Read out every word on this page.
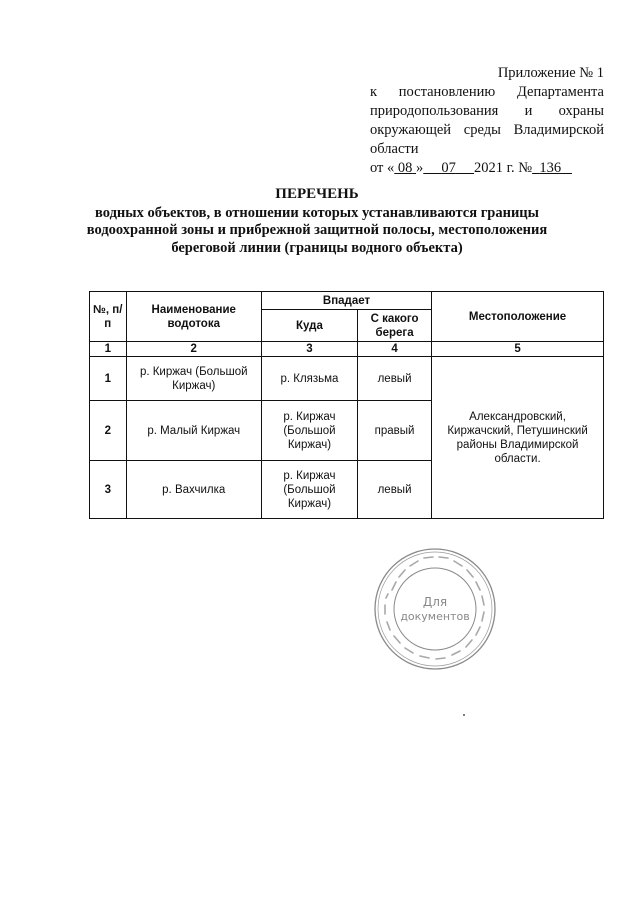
Приложение № 1
к постановлению Департамента
природопользования и охраны
окружающей среды Владимирской
области
от « 08 » 07 2021 г. № 136
ПЕРЕЧЕНЬ
водных объектов, в отношении которых устанавливаются границы
водоохранной зоны и прибрежной защитной полосы, местоположения
береговой линии (границы водного объекта)
№, п/п	Наименование водотока	Впадает		Местоположение
		Куда	С какого берега	
1	2	3	4	5
1	р. Киржач (Большой Киржач)	р. Клязьма	левый	Александровский, Киржачский, Петушинский районы Владимирской области.
2	р. Малый Киржач	р. Киржач (Большой Киржач)	правый	
3	р. Вахчилка	р. Киржач (Большой Киржач)	левый	
Для
документов
